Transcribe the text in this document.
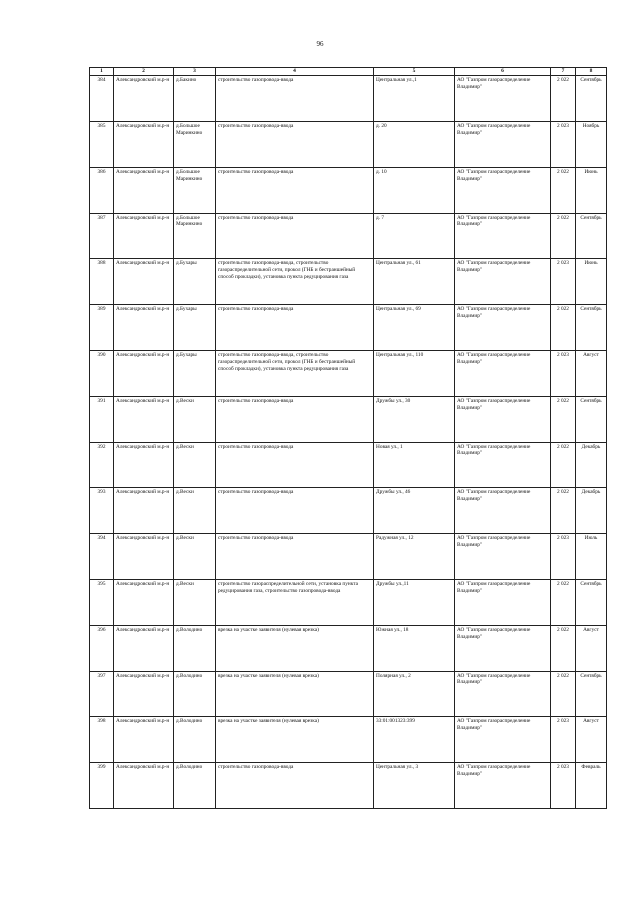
96
1	2	3	4	5	6	7	8
384	Александровский м.р-н	д.Бакино	строительство газопровода-ввода	Центральная ул.,1	АО "Газпром газораспределение Владимир"	2 022	Сентябрь
385	Александровский м.р-н	д.Большое Маринкино	строительство газопровода-ввода	д. 20	АО "Газпром газораспределение Владимир"	2 023	Ноябрь
386	Александровский м.р-н	д.Большое Маринкино	строительство газопровода-ввода	д. 10	АО "Газпром газораспределение Владимир"	2 022	Июнь
387	Александровский м.р-н	д.Большое Маринкино	строительство газопровода-ввода	д. 7	АО "Газпром газораспределение Владимир"	2 022	Сентябрь
388	Александровский м.р-н	д.Бухары	строительство газопровода-ввода, строительство газораспределительной сети, прокол (ГНБ и бестраншейный способ прокладки), установка пункта редуцирования газа	Центральная ул., 61	АО "Газпром газораспределение Владимир"	2 023	Июнь
389	Александровский м.р-н	д.Бухары	строительство газопровода-ввода	Центральная ул., 69	АО "Газпром газораспределение Владимир"	2 022	Сентябрь
390	Александровский м.р-н	д.Бухары	строительство газопровода-ввода, строительство газораспределительной сети, прокол (ГНБ и бестраншейный способ прокладки), установка пункта редуцирования газа	Центральная ул., 110	АО "Газпром газораспределение Владимир"	2 023	Август
391	Александровский м.р-н	д.Вески	строительство газопровода-ввода	Дружбы ул., 30	АО "Газпром газораспределение Владимир"	2 022	Сентябрь
392	Александровский м.р-н	д.Вески	строительство газопровода-ввода	Новая ул., 1	АО "Газпром газораспределение Владимир"	2 022	Декабрь
393	Александровский м.р-н	д.Вески	строительство газопровода-ввода	Дружбы ул., 46	АО "Газпром газораспределение Владимир"	2 022	Декабрь
394	Александровский м.р-н	д.Вески	строительство газопровода-ввода	Радужная ул., 12	АО "Газпром газораспределение Владимир"	2 023	Июль
395	Александровский м.р-н	д.Вески	строительство газораспределительной сети, установка пункта редуцирования газа, строительство газопровода-ввода	Дружбы ул.,11	АО "Газпром газораспределение Владимир"	2 022	Сентябрь
396	Александровский м.р-н	д.Володино	врезка на участке заявителя (нулевая врезка)	Южная ул., 18	АО "Газпром газораспределение Владимир"	2 022	Август
397	Александровский м.р-н	д.Володино	врезка на участке заявителя (нулевая врезка)	Полярная ул., 2	АО "Газпром газораспределение Владимир"	2 022	Сентябрь
398	Александровский м.р-н	д.Володино	врезка на участке заявителя (нулевая врезка)	33:01:001323:399	АО "Газпром газораспределение Владимир"	2 023	Август
399	Александровский м.р-н	д.Володино	строительство газопровода-ввода	Центральная ул., 3	АО "Газпром газораспределение Владимир"	2 023	Февраль
